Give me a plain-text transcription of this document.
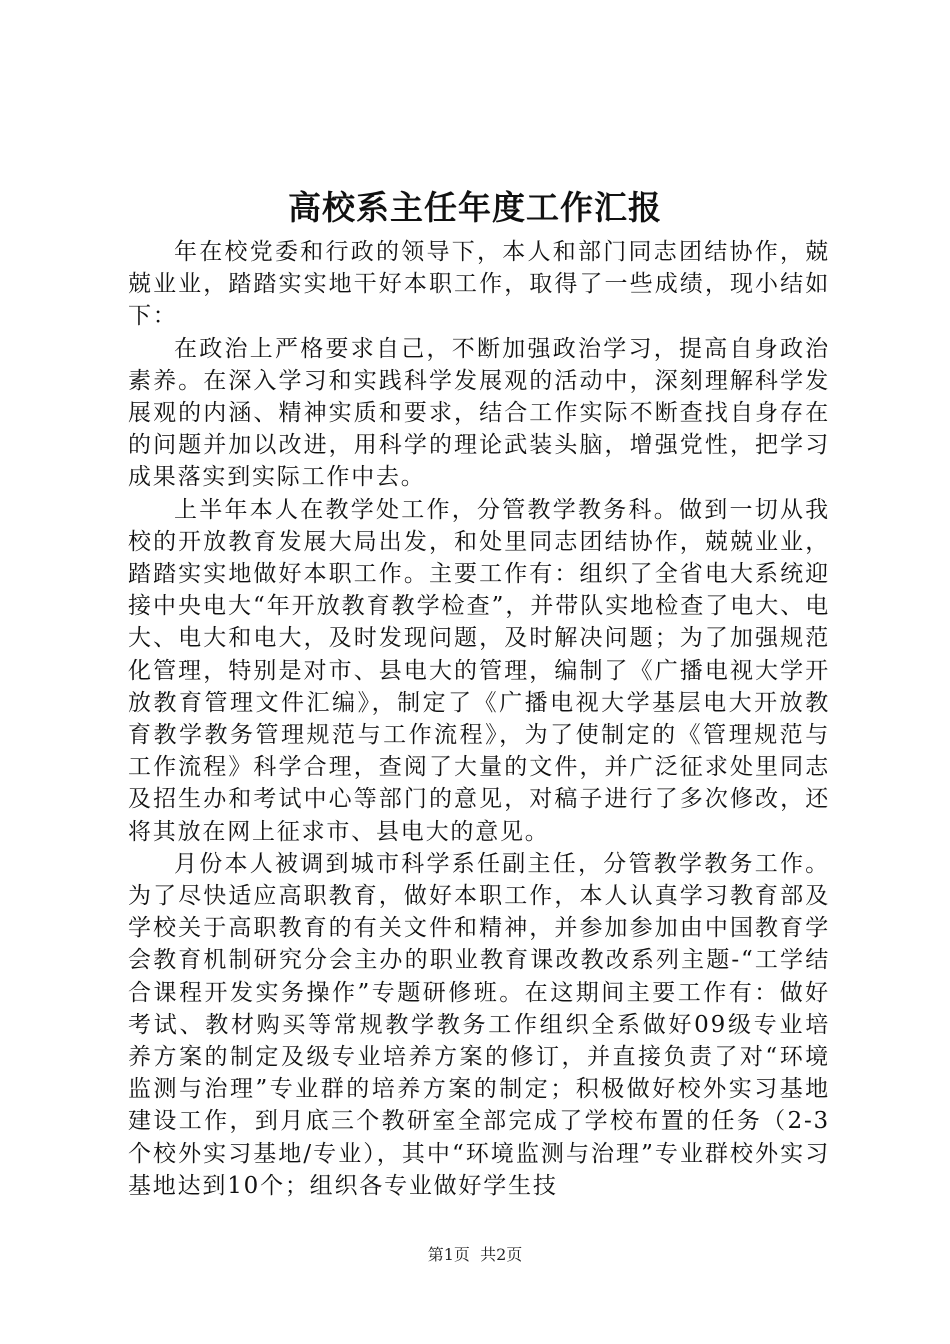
高校系主任年度工作汇报

年在校党委和行政的领导下，本人和部门同志团结协作，兢兢业业，踏踏实实地干好本职工作，取得了一些成绩，现小结如下：

在政治上严格要求自己，不断加强政治学习，提高自身政治素养。在深入学习和实践科学发展观的活动中，深刻理解科学发展观的内涵、精神实质和要求，结合工作实际不断查找自身存在的问题并加以改进，用科学的理论武装头脑，增强党性，把学习成果落实到实际工作中去。

上半年本人在教学处工作，分管教学教务科。做到一切从我校的开放教育发展大局出发，和处里同志团结协作，兢兢业业，踏踏实实地做好本职工作。主要工作有：组织了全省电大系统迎接中央电大“年开放教育教学检查”，并带队实地检查了电大、电大、电大和电大，及时发现问题，及时解决问题；为了加强规范化管理，特别是对市、县电大的管理，编制了《广播电视大学开放教育管理文件汇编》，制定了《广播电视大学基层电大开放教育教学教务管理规范与工作流程》，为了使制定的《管理规范与工作流程》科学合理，查阅了大量的文件，并广泛征求处里同志及招生办和考试中心等部门的意见，对稿子进行了多次修改，还将其放在网上征求市、县电大的意见。

月份本人被调到城市科学系任副主任，分管教学教务工作。为了尽快适应高职教育，做好本职工作，本人认真学习教育部及学校关于高职教育的有关文件和精神，并参加参加由中国教育学会教育机制研究分会主办的职业教育课改教改系列主题-“工学结合课程开发实务操作”专题研修班。在这期间主要工作有：做好考试、教材购买等常规教学教务工作组织全系做好09级专业培养方案的制定及级专业培养方案的修订，并直接负责了对“环境监测与治理”专业群的培养方案的制定；积极做好校外实习基地建设工作，到月底三个教研室全部完成了学校布置的任务（2-3个校外实习基地/专业），其中“环境监测与治理”专业群校外实习基地达到10个；组织各专业做好学生技

第1页  共2页
